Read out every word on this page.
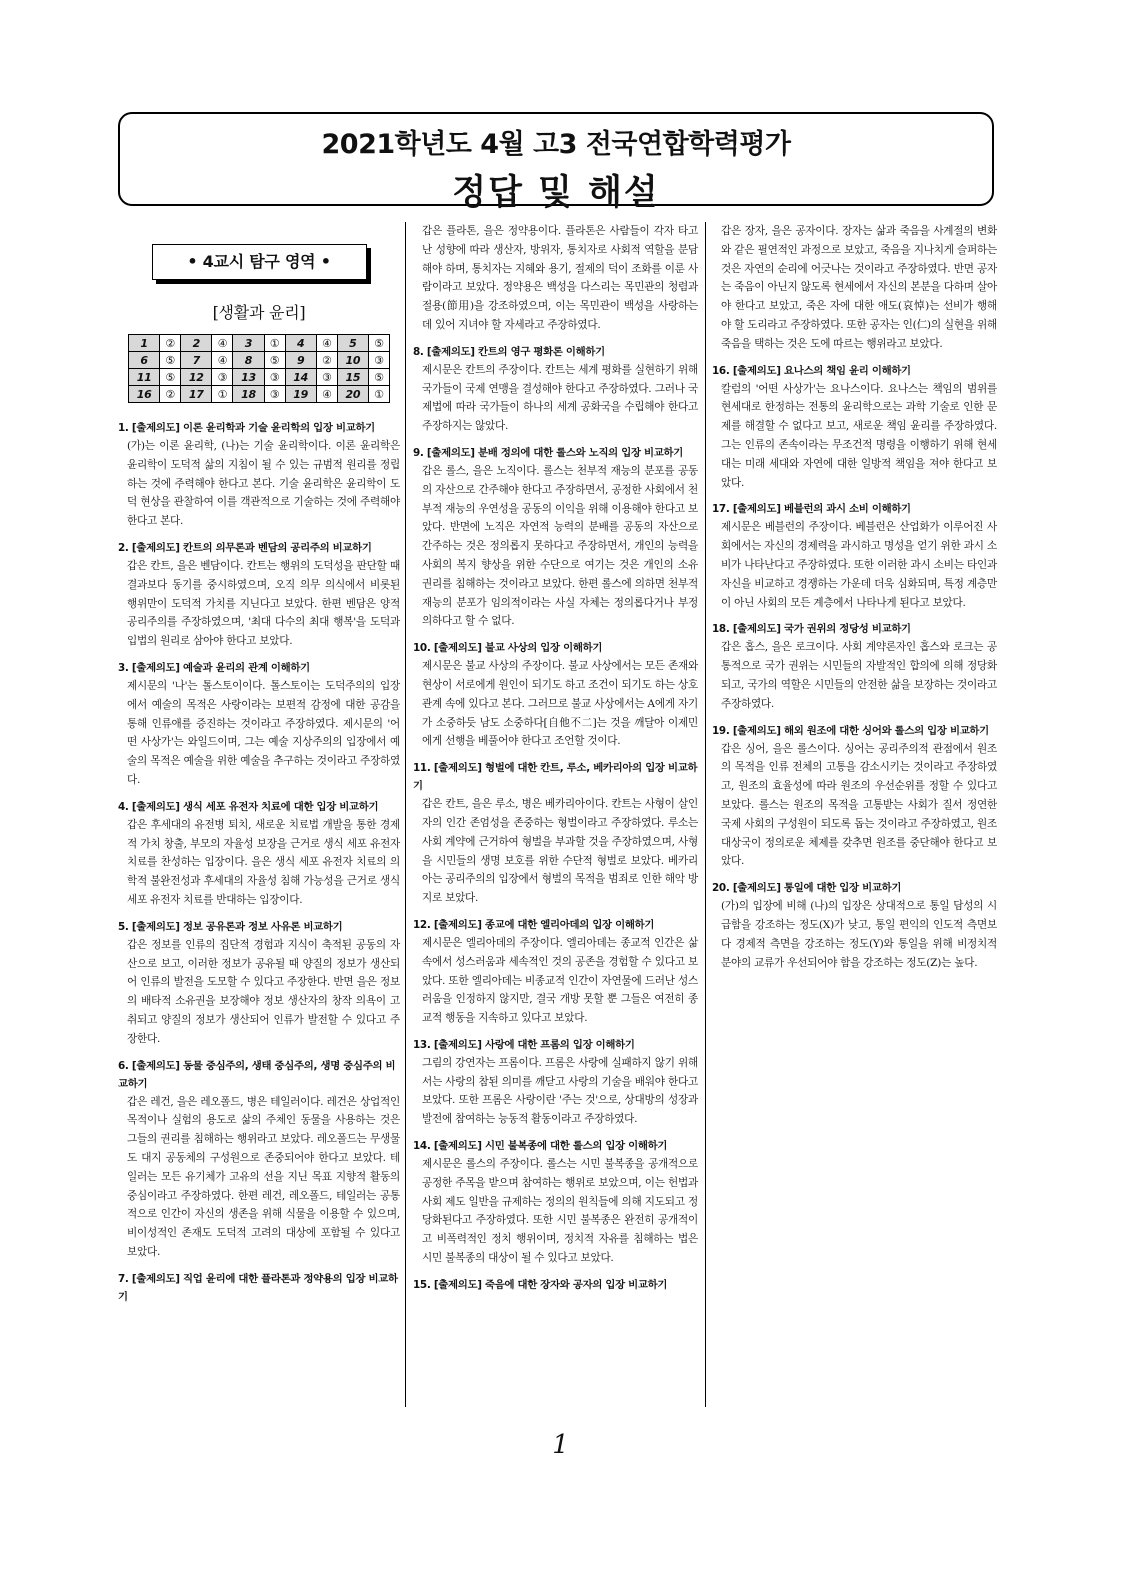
2021학년도 4월 고3 전국연합학력평가
정답 및 해설
• 4교시 탐구 영역 •
[생활과 윤리]
1	②	2	④	3	①	4	④	5	⑤
6	⑤	7	④	8	⑤	9	②	10	③
11	⑤	12	③	13	③	14	③	15	⑤
16	②	17	①	18	③	19	④	20	①
1. [출제의도] 이론 윤리학과 기술 윤리학의 입장 비교하기
(가)는 이론 윤리학, (나)는 기술 윤리학이다. 이론 윤리학은 윤리학이 도덕적 삶의 지침이 될 수 있는 규범적 원리를 정립하는 것에 주력해야 한다고 본다. 기술 윤리학은 윤리학이 도덕 현상을 관찰하여 이를 객관적으로 기술하는 것에 주력해야 한다고 본다.
2. [출제의도] 칸트의 의무론과 벤담의 공리주의 비교하기
갑은 칸트, 을은 벤담이다. 칸트는 행위의 도덕성을 판단할 때 결과보다 동기를 중시하였으며, 오직 의무 의식에서 비롯된 행위만이 도덕적 가치를 지닌다고 보았다. 한편 벤담은 양적 공리주의를 주장하였으며, '최대 다수의 최대 행복'을 도덕과 입법의 원리로 삼아야 한다고 보았다.
3. [출제의도] 예술과 윤리의 관계 이해하기
제시문의 '나'는 톨스토이이다. 톨스토이는 도덕주의의 입장에서 예술의 목적은 사랑이라는 보편적 감정에 대한 공감을 통해 인류애를 증진하는 것이라고 주장하였다. 제시문의 '어떤 사상가'는 와일드이며, 그는 예술 지상주의의 입장에서 예술의 목적은 예술을 위한 예술을 추구하는 것이라고 주장하였다.
4. [출제의도] 생식 세포 유전자 치료에 대한 입장 비교하기
갑은 후세대의 유전병 퇴치, 새로운 치료법 개발을 통한 경제적 가치 창출, 부모의 자율성 보장을 근거로 생식 세포 유전자 치료를 찬성하는 입장이다. 을은 생식 세포 유전자 치료의 의학적 불완전성과 후세대의 자율성 침해 가능성을 근거로 생식 세포 유전자 치료를 반대하는 입장이다.
5. [출제의도] 정보 공유론과 정보 사유론 비교하기
갑은 정보를 인류의 집단적 경험과 지식이 축적된 공동의 자산으로 보고, 이러한 정보가 공유될 때 양질의 정보가 생산되어 인류의 발전을 도모할 수 있다고 주장한다. 반면 을은 정보의 배타적 소유권을 보장해야 정보 생산자의 창작 의욕이 고취되고 양질의 정보가 생산되어 인류가 발전할 수 있다고 주장한다.
6. [출제의도] 동물 중심주의, 생태 중심주의, 생명 중심주의 비교하기
갑은 레건, 을은 레오폴드, 병은 테일러이다. 레건은 상업적인 목적이나 실험의 용도로 삶의 주체인 동물을 사용하는 것은 그들의 권리를 침해하는 행위라고 보았다. 레오폴드는 무생물도 대지 공동체의 구성원으로 존중되어야 한다고 보았다. 테일러는 모든 유기체가 고유의 선을 지닌 목표 지향적 활동의 중심이라고 주장하였다. 한편 레건, 레오폴드, 테일러는 공통적으로 인간이 자신의 생존을 위해 식물을 이용할 수 있으며, 비이성적인 존재도 도덕적 고려의 대상에 포함될 수 있다고 보았다.
7. [출제의도] 직업 윤리에 대한 플라톤과 정약용의 입장 비교하기
갑은 플라톤, 을은 정약용이다. 플라톤은 사람들이 각자 타고난 성향에 따라 생산자, 방위자, 통치자로 사회적 역할을 분담해야 하며, 통치자는 지혜와 용기, 절제의 덕이 조화를 이룬 사람이라고 보았다. 정약용은 백성을 다스리는 목민관의 청렴과 절용(節用)을 강조하였으며, 이는 목민관이 백성을 사랑하는 데 있어 지녀야 할 자세라고 주장하였다.
8. [출제의도] 칸트의 영구 평화론 이해하기
제시문은 칸트의 주장이다. 칸트는 세계 평화를 실현하기 위해 국가들이 국제 연맹을 결성해야 한다고 주장하였다. 그러나 국제법에 따라 국가들이 하나의 세계 공화국을 수립해야 한다고 주장하지는 않았다.
9. [출제의도] 분배 정의에 대한 롤스와 노직의 입장 비교하기
갑은 롤스, 을은 노직이다. 롤스는 천부적 재능의 분포를 공동의 자산으로 간주해야 한다고 주장하면서, 공정한 사회에서 천부적 재능의 우연성을 공동의 이익을 위해 이용해야 한다고 보았다. 반면에 노직은 자연적 능력의 분배를 공동의 자산으로 간주하는 것은 정의롭지 못하다고 주장하면서, 개인의 능력을 사회의 복지 향상을 위한 수단으로 여기는 것은 개인의 소유 권리를 침해하는 것이라고 보았다. 한편 롤스에 의하면 천부적 재능의 분포가 임의적이라는 사실 자체는 정의롭다거나 부정의하다고 할 수 없다.
10. [출제의도] 불교 사상의 입장 이해하기
제시문은 불교 사상의 주장이다. 불교 사상에서는 모든 존재와 현상이 서로에게 원인이 되기도 하고 조건이 되기도 하는 상호 관계 속에 있다고 본다. 그러므로 불교 사상에서는 A에게 자기가 소중하듯 남도 소중하다[自他不二]는 것을 깨달아 이제민에게 선행을 베풀어야 한다고 조언할 것이다.
11. [출제의도] 형벌에 대한 칸트, 루소, 베카리아의 입장 비교하기
갑은 칸트, 을은 루소, 병은 베카리아이다. 칸트는 사형이 살인자의 인간 존엄성을 존중하는 형벌이라고 주장하였다. 루소는 사회 계약에 근거하여 형벌을 부과할 것을 주장하였으며, 사형을 시민들의 생명 보호를 위한 수단적 형벌로 보았다. 베카리아는 공리주의의 입장에서 형벌의 목적을 범죄로 인한 해악 방지로 보았다.
12. [출제의도] 종교에 대한 엘리아데의 입장 이해하기
제시문은 엘리아데의 주장이다. 엘리아데는 종교적 인간은 삶 속에서 성스러움과 세속적인 것의 공존을 경험할 수 있다고 보았다. 또한 엘리아데는 비종교적 인간이 자연물에 드러난 성스러움을 인정하지 않지만, 결국 개방 못할 뿐 그들은 여전히 종교적 행동을 지속하고 있다고 보았다.
13. [출제의도] 사랑에 대한 프롬의 입장 이해하기
그림의 강연자는 프롬이다. 프롬은 사랑에 실패하지 않기 위해서는 사랑의 참된 의미를 깨닫고 사랑의 기술을 배워야 한다고 보았다. 또한 프롬은 사랑이란 '주는 것'으로, 상대방의 성장과 발전에 참여하는 능동적 활동이라고 주장하였다.
14. [출제의도] 시민 불복종에 대한 롤스의 입장 이해하기
제시문은 롤스의 주장이다. 롤스는 시민 불복종을 공개적으로 공정한 주목을 받으며 참여하는 행위로 보았으며, 이는 헌법과 사회 제도 일반을 규제하는 정의의 원칙들에 의해 지도되고 정당화된다고 주장하였다. 또한 시민 불복종은 완전히 공개적이고 비폭력적인 정치 행위이며, 정치적 자유를 침해하는 법은 시민 불복종의 대상이 될 수 있다고 보았다.
15. [출제의도] 죽음에 대한 장자와 공자의 입장 비교하기
갑은 장자, 을은 공자이다. 장자는 삶과 죽음을 사계절의 변화와 같은 필연적인 과정으로 보았고, 죽음을 지나치게 슬퍼하는 것은 자연의 순리에 어긋나는 것이라고 주장하였다. 반면 공자는 죽음이 아닌지 않도록 현세에서 자신의 본분을 다하며 살아야 한다고 보았고, 죽은 자에 대한 애도(哀悼)는 선비가 행해야 할 도리라고 주장하였다. 또한 공자는 인(仁)의 실현을 위해 죽음을 택하는 것은 도에 따르는 행위라고 보았다.
16. [출제의도] 요나스의 책임 윤리 이해하기
칼럼의 '어떤 사상가'는 요나스이다. 요나스는 책임의 범위를 현세대로 한정하는 전통의 윤리학으로는 과학 기술로 인한 문제를 해결할 수 없다고 보고, 새로운 책임 윤리를 주장하였다. 그는 인류의 존속이라는 무조건적 명령을 이행하기 위해 현세대는 미래 세대와 자연에 대한 일방적 책임을 져야 한다고 보았다.
17. [출제의도] 베블런의 과시 소비 이해하기
제시문은 베블런의 주장이다. 베블런은 산업화가 이루어진 사회에서는 자신의 경제력을 과시하고 명성을 얻기 위한 과시 소비가 나타난다고 주장하였다. 또한 이러한 과시 소비는 타인과 자신을 비교하고 경쟁하는 가운데 더욱 심화되며, 특정 계층만이 아닌 사회의 모든 계층에서 나타나게 된다고 보았다.
18. [출제의도] 국가 권위의 정당성 비교하기
갑은 홉스, 을은 로크이다. 사회 계약론자인 홉스와 로크는 공통적으로 국가 권위는 시민들의 자발적인 합의에 의해 정당화되고, 국가의 역할은 시민들의 안전한 삶을 보장하는 것이라고 주장하였다.
19. [출제의도] 해외 원조에 대한 싱어와 롤스의 입장 비교하기
갑은 싱어, 을은 롤스이다. 싱어는 공리주의적 관점에서 원조의 목적을 인류 전체의 고통을 감소시키는 것이라고 주장하였고, 원조의 효율성에 따라 원조의 우선순위를 정할 수 있다고 보았다. 롤스는 원조의 목적을 고통받는 사회가 질서 정연한 국제 사회의 구성원이 되도록 돕는 것이라고 주장하였고, 원조 대상국이 정의로운 체제를 갖추면 원조를 중단해야 한다고 보았다.
20. [출제의도] 통일에 대한 입장 비교하기
(가)의 입장에 비해 (나)의 입장은 상대적으로 통일 담성의 시급함을 강조하는 정도(X)가 낮고, 통일 편익의 인도적 측면보다 경제적 측면을 강조하는 정도(Y)와 통일을 위해 비정치적 분야의 교류가 우선되어야 함을 강조하는 정도(Z)는 높다.
1
